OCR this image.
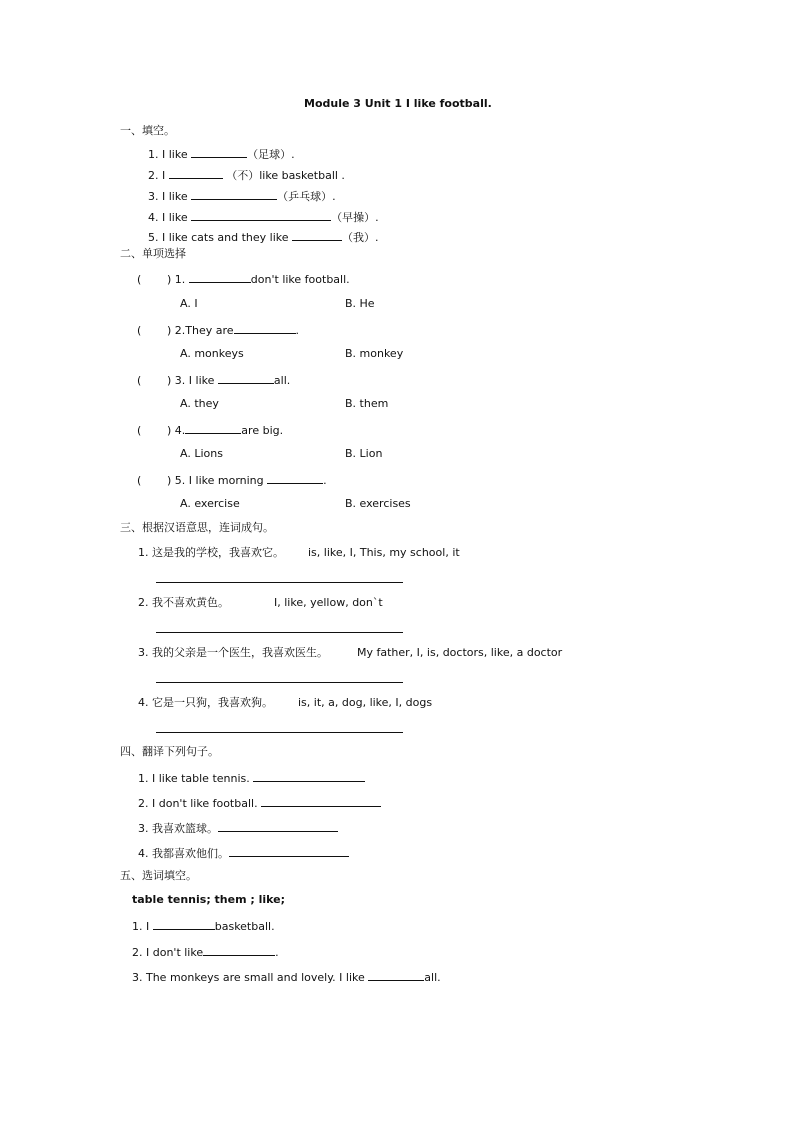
Module 3 Unit 1 I like football.
一、填空。
1. I like	（足球）.
2. I	（不）like basketball .
3. I like	（乒乓球）.
4. I like	（早操）.
5. I like cats and they like	（我）.
二、单项选择
( ) 1.	don't like football.
A. I	B. He
( ) 2.They are	.
A. monkeys	B. monkey
( ) 3. I like	all.
A. they	B. them
( ) 4.	are big.
A. Lions	B. Lion
( ) 5. I like morning	.
A. exercise	B. exercises
三、根据汉语意思，连词成句。
1. 这是我的学校，我喜欢它。 is, like, I, This, my school, it
2. 我不喜欢黄色。	I, like, yellow, don`t
3. 我的父亲是一个医生，我喜欢医生。	My father, I, is, doctors, like, a doctor
4. 它是一只狗，我喜欢狗。 is, it, a, dog, like, I, dogs
四、翻译下列句子。
1. I like table tennis.
2. I don't like football.
3. 我喜欢篮球。
4. 我都喜欢他们。
五、选词填空。
table tennis; them ; like;
1. I	basketball.
2. I don't like	.
3. The monkeys are small and lovely. I like	all.
